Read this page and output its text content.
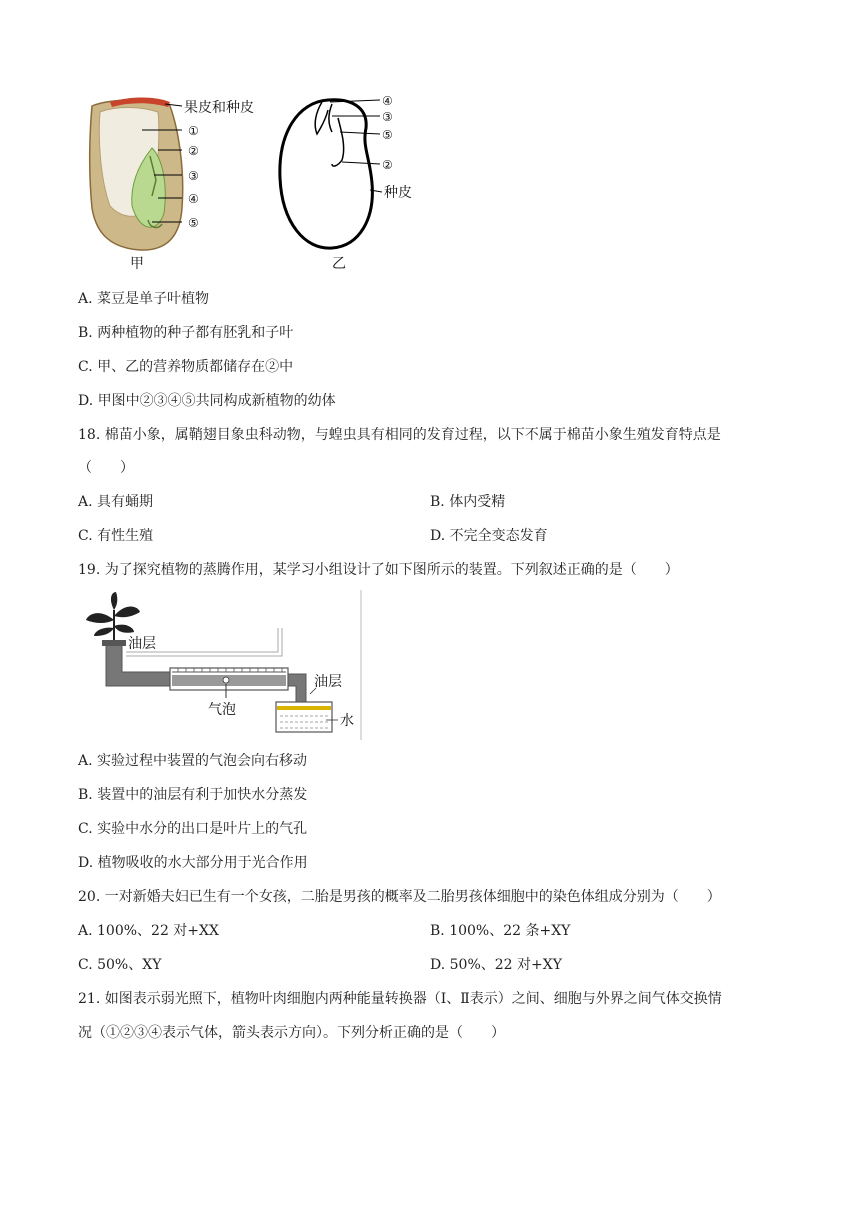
果皮和种皮
①
②
③
④
⑤
甲
④
③
⑤
②
种皮
乙
A. 菜豆是单子叶植物
B. 两种植物的种子都有胚乳和子叶
C. 甲、乙的营养物质都储存在②中
D. 甲图中②③④⑤共同构成新植物的幼体
18. 棉苗小象，属鞘翅目象虫科动物，与蝗虫具有相同的发育过程，以下不属于棉苗小象生殖发育特点是
（　　）
A. 具有蛹期	B. 体内受精
C. 有性生殖	D. 不完全变态发育
19. 为了探究植物的蒸腾作用，某学习小组设计了如下图所示的装置。下列叙述正确的是（　　）
油层
油层
气泡
水
A. 实验过程中装置的气泡会向右移动
B. 装置中的油层有利于加快水分蒸发
C. 实验中水分的出口是叶片上的气孔
D. 植物吸收的水大部分用于光合作用
20. 一对新婚夫妇已生有一个女孩，二胎是男孩的概率及二胎男孩体细胞中的染色体组成分别为（　　）
A. 100%、22 对+XX	B. 100%、22 条+XY
C. 50%、XY	D. 50%、22 对+XY
21. 如图表示弱光照下，植物叶肉细胞内两种能量转换器（Ⅰ、Ⅱ表示）之间、细胞与外界之间气体交换情
况（①②③④表示气体，箭头表示方向）。下列分析正确的是（　　）
